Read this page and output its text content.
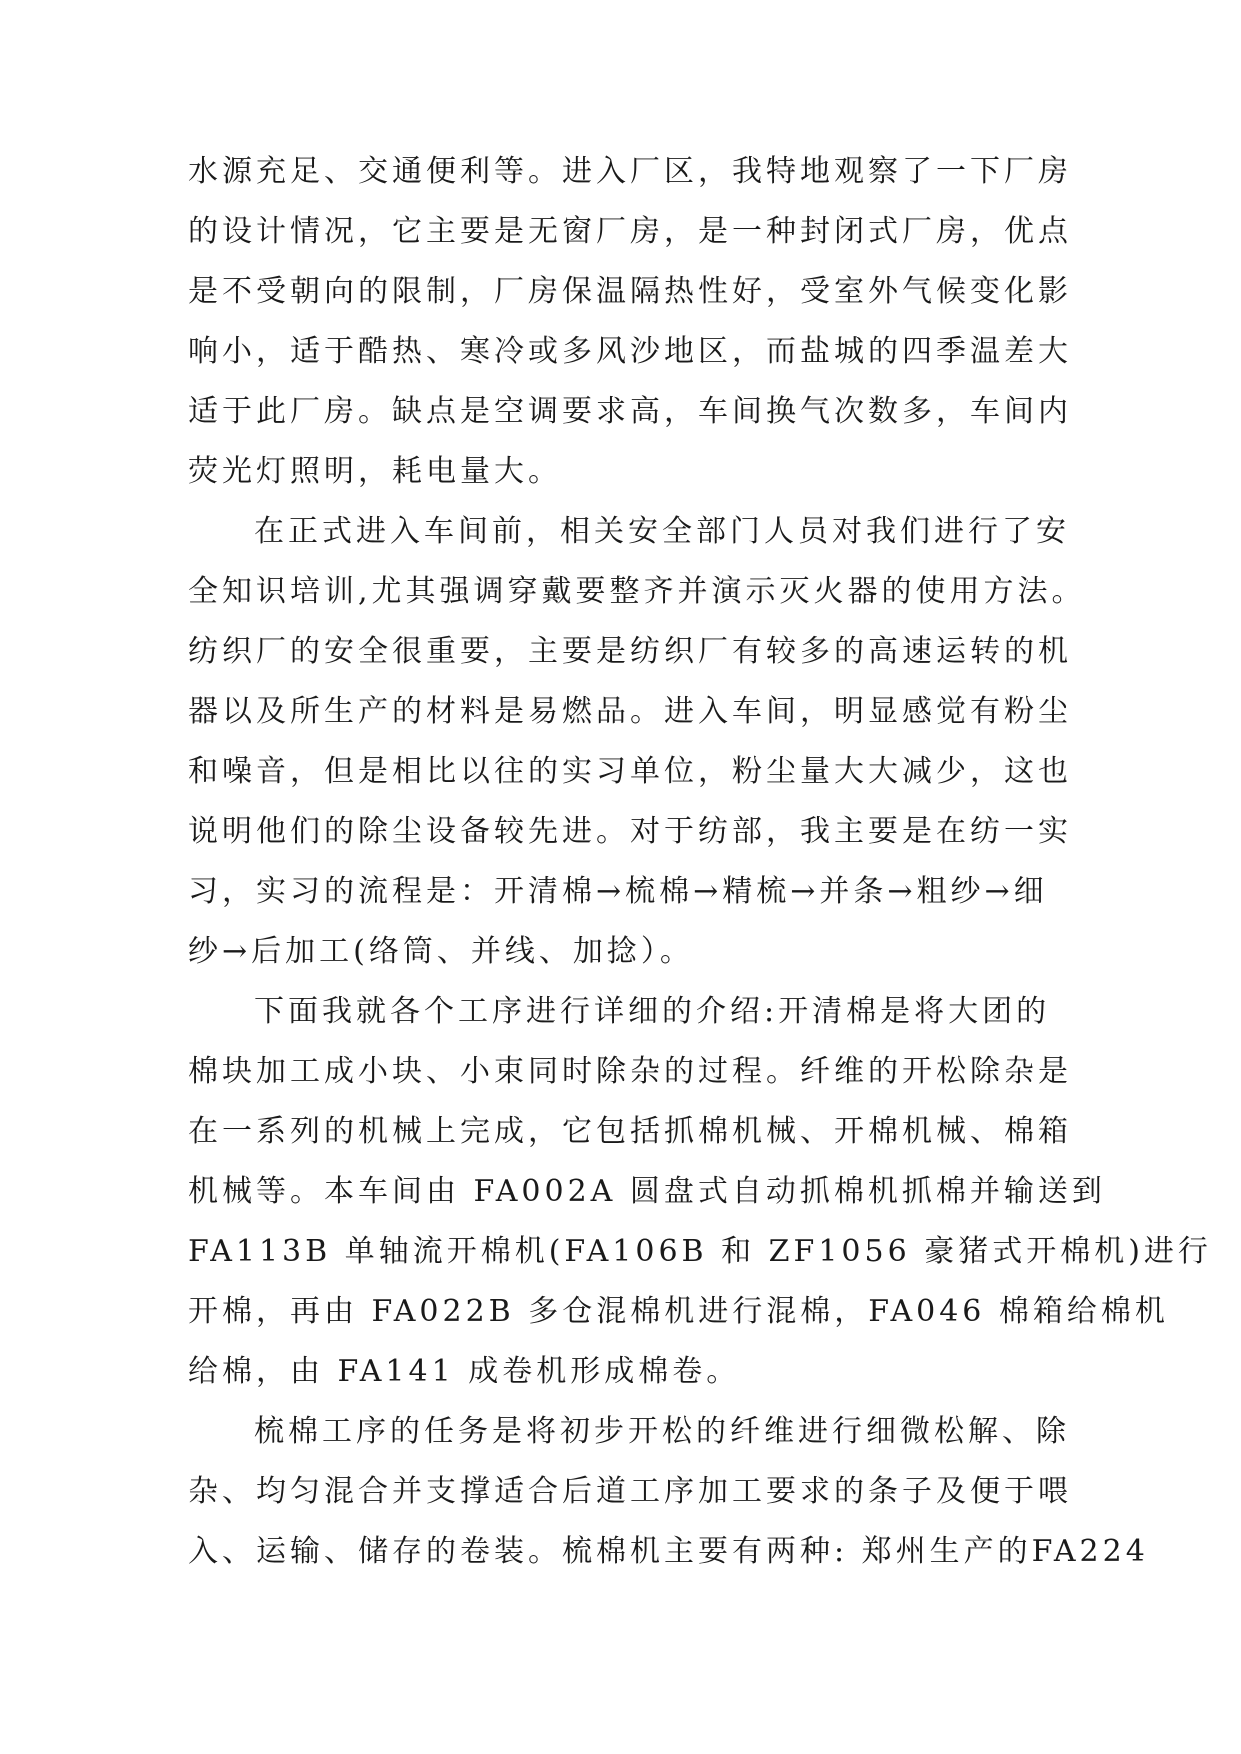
水源充足、交通便利等。进入厂区，我特地观察了一下厂房
的设计情况，它主要是无窗厂房，是一种封闭式厂房，优点
是不受朝向的限制，厂房保温隔热性好，受室外气候变化影
响小，适于酷热、寒冷或多风沙地区，而盐城的四季温差大
适于此厂房。缺点是空调要求高，车间换气次数多，车间内
荧光灯照明，耗电量大。
在正式进入车间前，相关安全部门人员对我们进行了安
全知识培训,尤其强调穿戴要整齐并演示灭火器的使用方法。
纺织厂的安全很重要，主要是纺织厂有较多的高速运转的机
器以及所生产的材料是易燃品。进入车间，明显感觉有粉尘
和噪音，但是相比以往的实习单位，粉尘量大大减少，这也
说明他们的除尘设备较先进。对于纺部，我主要是在纺一实
习，实习的流程是：开清棉→梳棉→精梳→并条→粗纱→细
纱→后加工(络筒、并线、加捻）。
下面我就各个工序进行详细的介绍:开清棉是将大团的
棉块加工成小块、小束同时除杂的过程。纤维的开松除杂是
在一系列的机械上完成，它包括抓棉机械、开棉机械、棉箱
机械等。本车间由 FA002A 圆盘式自动抓棉机抓棉并输送到
FA113B 单轴流开棉机(FA106B 和 ZF1056 豪猪式开棉机)进行
开棉，再由 FA022B 多仓混棉机进行混棉，FA046 棉箱给棉机
给棉，由 FA141 成卷机形成棉卷。
梳棉工序的任务是将初步开松的纤维进行细微松解、除
杂、均匀混合并支撑适合后道工序加工要求的条子及便于喂
入、运输、储存的卷装。梳棉机主要有两种: 郑州生产的FA224
